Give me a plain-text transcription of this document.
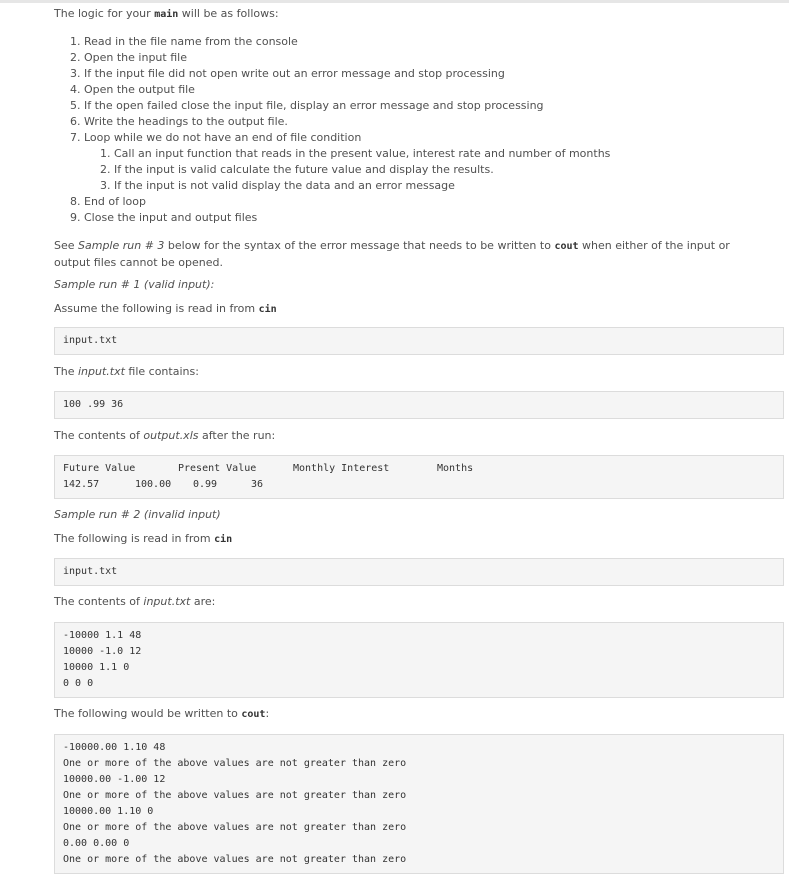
The logic for your main will be as follows:

1. Read in the file name from the console
2. Open the input file
3. If the input file did not open write out an error message and stop processing
4. Open the output file
5. If the open failed close the input file, display an error message and stop processing
6. Write the headings to the output file.
7. Loop while we do not have an end of file condition
1. Call an input function that reads in the present value, interest rate and number of months
2. If the input is valid calculate the future value and display the results.
3. If the input is not valid display the data and an error message
8. End of loop
9. Close the input and output files

See Sample run # 3 below for the syntax of the error message that needs to be written to cout when either of the input or output files cannot be opened.

Sample run # 1 (valid input):

Assume the following is read in from cin

input.txt

The input.txt file contains:

100 .99 36

The contents of output.xls after the run:

Future Value	Present Value	Monthly Interest	Months
142.57	100.00 0.99	36

Sample run # 2 (invalid input)

The following is read in from cin

input.txt

The contents of input.txt are:

-10000 1.1 48
10000 -1.0 12
10000 1.1 0
0 0 0

The following would be written to cout:

-10000.00 1.10 48
One or more of the above values are not greater than zero
10000.00 -1.00 12
One or more of the above values are not greater than zero
10000.00 1.10 0
One or more of the above values are not greater than zero
0.00 0.00 0
One or more of the above values are not greater than zero
